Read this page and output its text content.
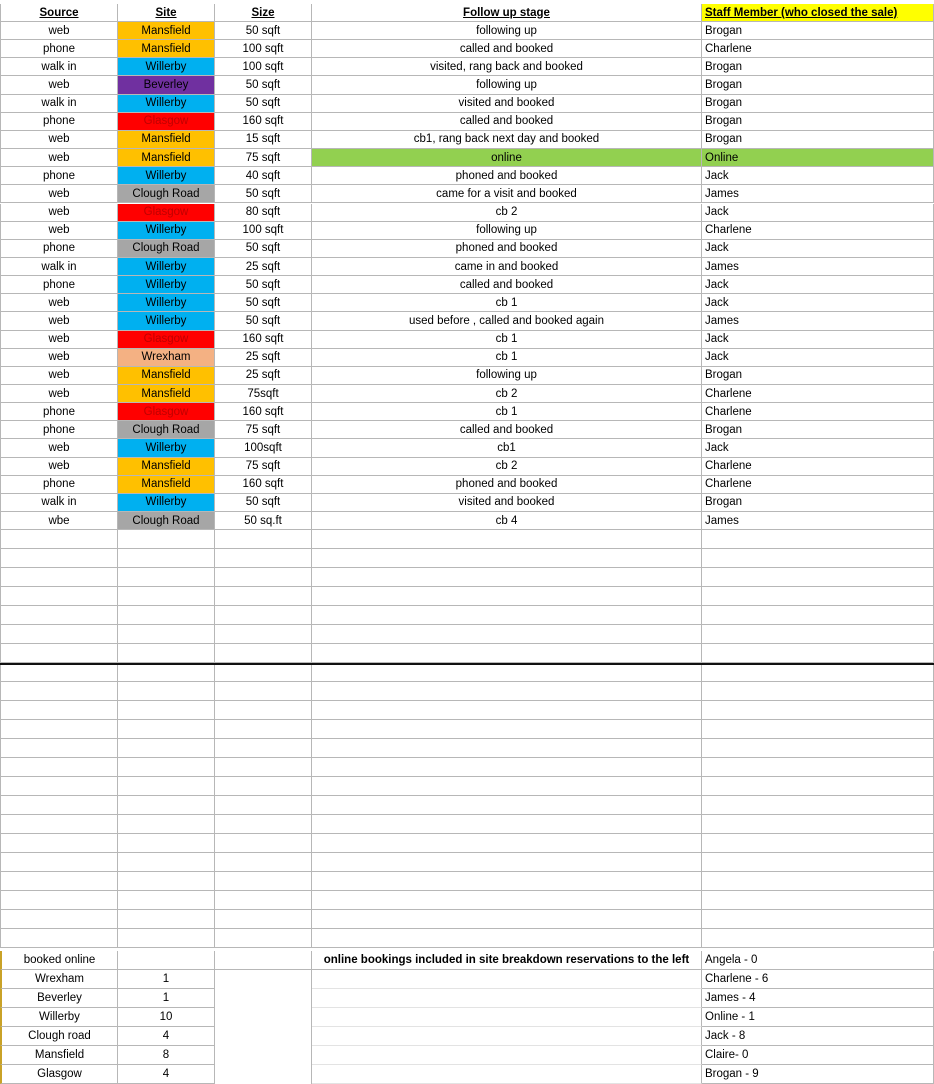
Source	Site	Size	Follow up stage	Staff Member (who closed the sale)
web	Mansfield	50 sqft	following up	Brogan
phone	Mansfield	100 sqft	called and booked	Charlene
walk in	Willerby	100 sqft	visited, rang back and booked	Brogan
web	Beverley	50 sqft	following up	Brogan
walk in	Willerby	50 sqft	visited and booked	Brogan
phone	Glasgow	160 sqft	called and booked	Brogan
web	Mansfield	15 sqft	cb1, rang back next day and booked	Brogan
web	Mansfield	75 sqft	online	Online
phone	Willerby	40 sqft	phoned and booked	Jack
web	Clough Road	50 sqft	came for a visit and booked	James
web	Glasgow	80 sqft	cb 2	Jack
web	Willerby	100 sqft	following up	Charlene
phone	Clough Road	50 sqft	phoned and booked	Jack
walk in	Willerby	25 sqft	came in and booked	James
phone	Willerby	50 sqft	called and booked	Jack
web	Willerby	50 sqft	cb 1	Jack
web	Willerby	50 sqft	used before , called and booked again	James
web	Glasgow	160 sqft	cb 1	Jack
web	Wrexham	25 sqft	cb 1	Jack
web	Mansfield	25 sqft	following up	Brogan
web	Mansfield	75sqft	cb 2	Charlene
phone	Glasgow	160 sqft	cb 1	Charlene
phone	Clough Road	75 sqft	called and booked	Brogan
web	Willerby	100sqft	cb1	Jack
web	Mansfield	75 sqft	cb 2	Charlene
phone	Mansfield	160 sqft	phoned and booked	Charlene
walk in	Willerby	50 sqft	visited and booked	Brogan
wbe	Clough Road	50 sq.ft	cb 4	James
booked online	online bookings included in site breakdown reservations to the left	Angela - 0
Wrexham	1	Charlene - 6
Beverley	1	James - 4
Willerby	10	Online - 1
Clough road	4	Jack - 8
Mansfield	8	Claire- 0
Glasgow	4	Brogan - 9
